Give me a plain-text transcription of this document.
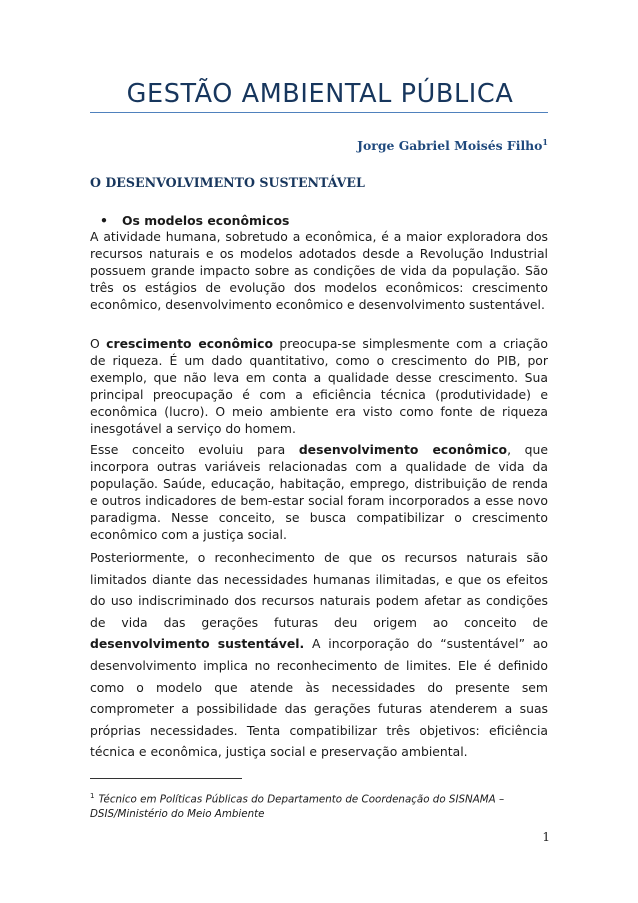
GESTÃO AMBIENTAL PÚBLICA
Jorge Gabriel Moisés Filho$^1$
O DESENVOLVIMENTO SUSTENTÁVEL
• Os modelos econômicos

A atividade humana, sobretudo a econômica, é a maior exploradora dos recursos naturais e os modelos adotados desde a Revolução Industrial possuem grande impacto sobre as condições de vida da população. São três os estágios de evolução dos modelos econômicos: crescimento econômico, desenvolvimento econômico e desenvolvimento sustentável.

O crescimento econômico preocupa-se simplesmente com a criação de riqueza. É um dado quantitativo, como o crescimento do PIB, por exemplo, que não leva em conta a qualidade desse crescimento. Sua principal preocupação é com a eficiência técnica (produtividade) e econômica (lucro). O meio ambiente era visto como fonte de riqueza inesgotável a serviço do homem.

Esse conceito evoluiu para desenvolvimento econômico, que incorpora outras variáveis relacionadas com a qualidade de vida da população. Saúde, educação, habitação, emprego, distribuição de renda e outros indicadores de bem-estar social foram incorporados a esse novo paradigma. Nesse conceito, se busca compatibilizar o crescimento econômico com a justiça social.

Posteriormente, o reconhecimento de que os recursos naturais são limitados diante das necessidades humanas ilimitadas, e que os efeitos do uso indiscriminado dos recursos naturais podem afetar as condições de vida das gerações futuras deu origem ao conceito de desenvolvimento sustentável. A incorporação do “sustentável” ao desenvolvimento implica no reconhecimento de limites. Ele é definido como o modelo que atende às necessidades do presente sem comprometer a possibilidade das gerações futuras atenderem a suas próprias necessidades. Tenta compatibilizar três objetivos: eficiência técnica e econômica, justiça social e preservação ambiental.

$^1$ Técnico em Políticas Públicas do Departamento de Coordenação do SISNAMA – DSIS/Ministério do Meio Ambiente
1
